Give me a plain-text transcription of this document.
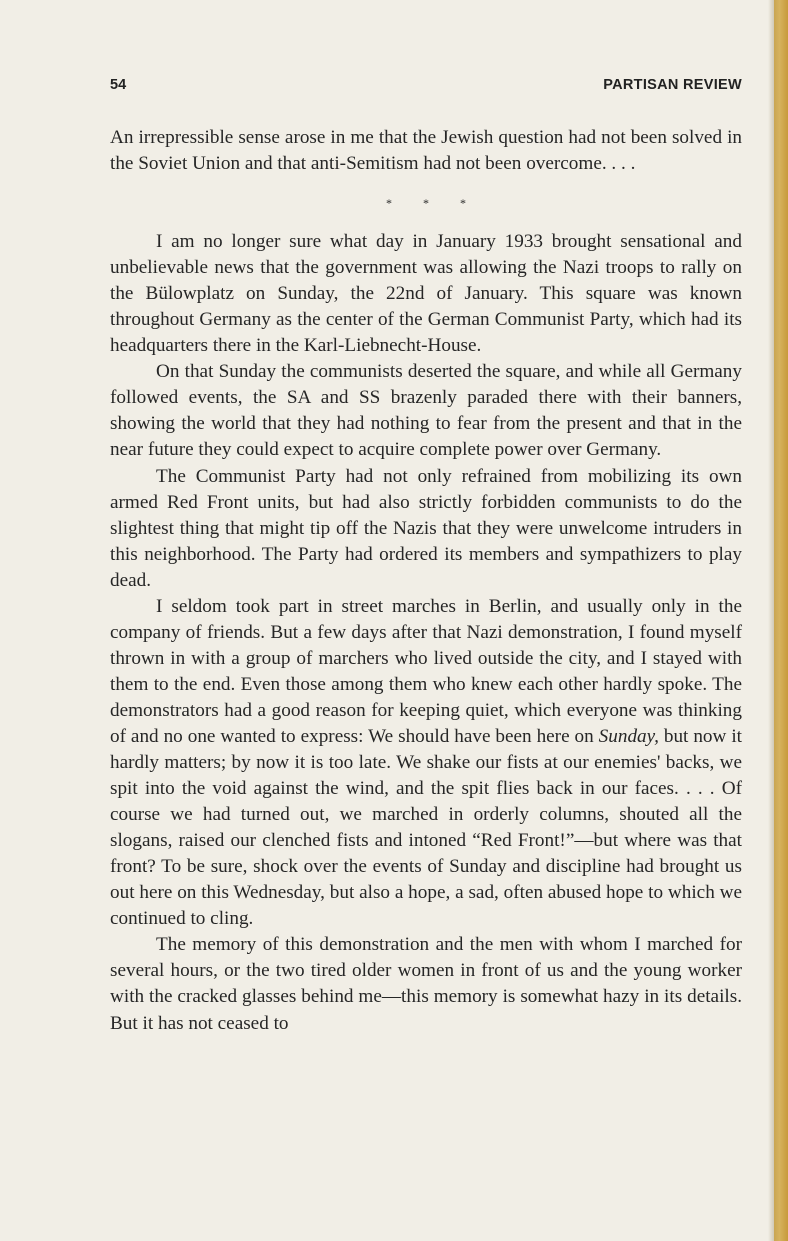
54	PARTISAN REVIEW

An irrepressible sense arose in me that the Jewish question had not been solved in the Soviet Union and that anti-Semitism had not been overcome. . . .

* * *

I am no longer sure what day in January 1933 brought sensational and unbelievable news that the government was allowing the Nazi troops to rally on the Bülowplatz on Sunday, the 22nd of January. This square was known throughout Germany as the center of the German Communist Party, which had its headquarters there in the Karl-Liebnecht-House.

On that Sunday the communists deserted the square, and while all Germany followed events, the SA and SS brazenly paraded there with their banners, showing the world that they had nothing to fear from the present and that in the near future they could expect to acquire complete power over Germany.

The Communist Party had not only refrained from mobilizing its own armed Red Front units, but had also strictly forbidden communists to do the slightest thing that might tip off the Nazis that they were unwelcome intruders in this neighborhood. The Party had ordered its members and sympathizers to play dead.

I seldom took part in street marches in Berlin, and usually only in the company of friends. But a few days after that Nazi demonstration, I found myself thrown in with a group of marchers who lived outside the city, and I stayed with them to the end. Even those among them who knew each other hardly spoke. The demonstrators had a good reason for keeping quiet, which everyone was thinking of and no one wanted to express: We should have been here on Sunday, but now it hardly matters; by now it is too late. We shake our fists at our enemies' backs, we spit into the void against the wind, and the spit flies back in our faces. . . . Of course we had turned out, we marched in orderly columns, shouted all the slogans, raised our clenched fists and intoned “Red Front!”—but where was that front? To be sure, shock over the events of Sunday and discipline had brought us out here on this Wednesday, but also a hope, a sad, often abused hope to which we continued to cling.

The memory of this demonstration and the men with whom I marched for several hours, or the two tired older women in front of us and the young worker with the cracked glasses behind me—this memory is somewhat hazy in its details. But it has not ceased to
